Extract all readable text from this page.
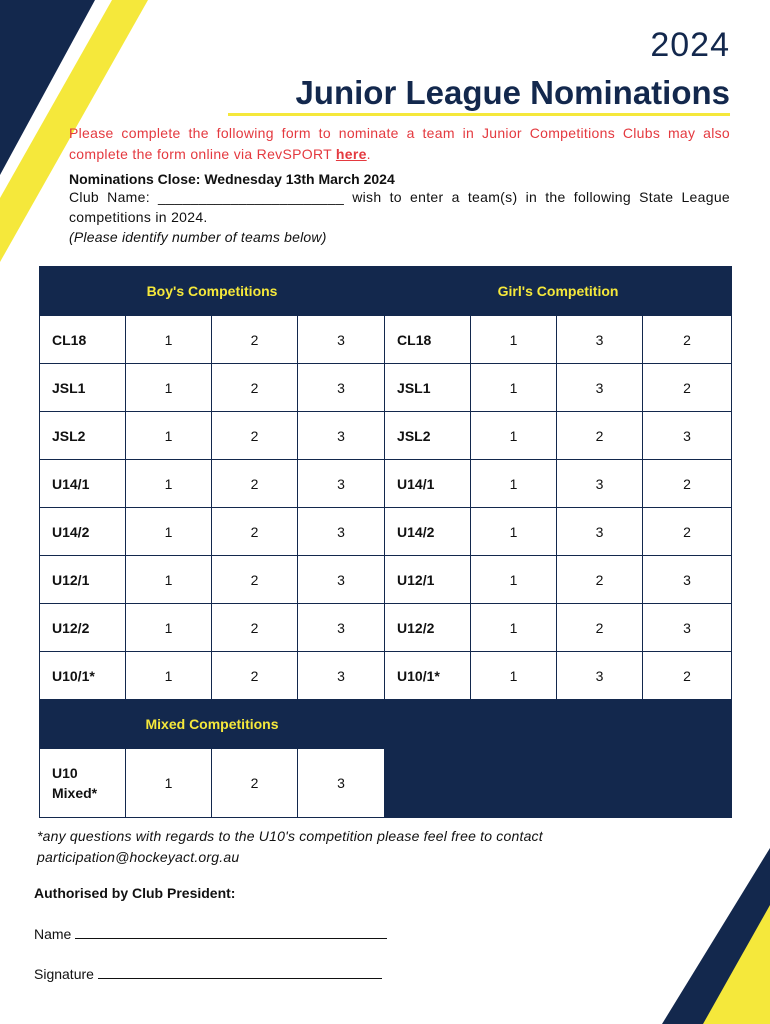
2024
Junior League Nominations
Please complete the following form to nominate a team in Junior Competitions Clubs may also complete the form online via RevSPORT here.
Nominations Close: Wednesday 13th March 2024
Club Name: _______________________ wish to enter a team(s) in the following State League competitions in 2024.
(Please identify number of teams below)
Boy's Competitions				Girl's Competition			
CL18	1	2	3	CL18	1	3	2
JSL1	1	2	3	JSL1	1	3	2
JSL2	1	2	3	JSL2	1	2	3
U14/1	1	2	3	U14/1	1	3	2
U14/2	1	2	3	U14/2	1	3	2
U12/1	1	2	3	U12/1	1	2	3
U12/2	1	2	3	U12/2	1	2	3
U10/1*	1	2	3	U10/1*	1	3	2
Mixed Competitions							
U10
Mixed*	1	2	3				
*any questions with regards to the U10's competition please feel free to contact
participation@hockeyact.org.au
Authorised by Club President:
Name
Signature
